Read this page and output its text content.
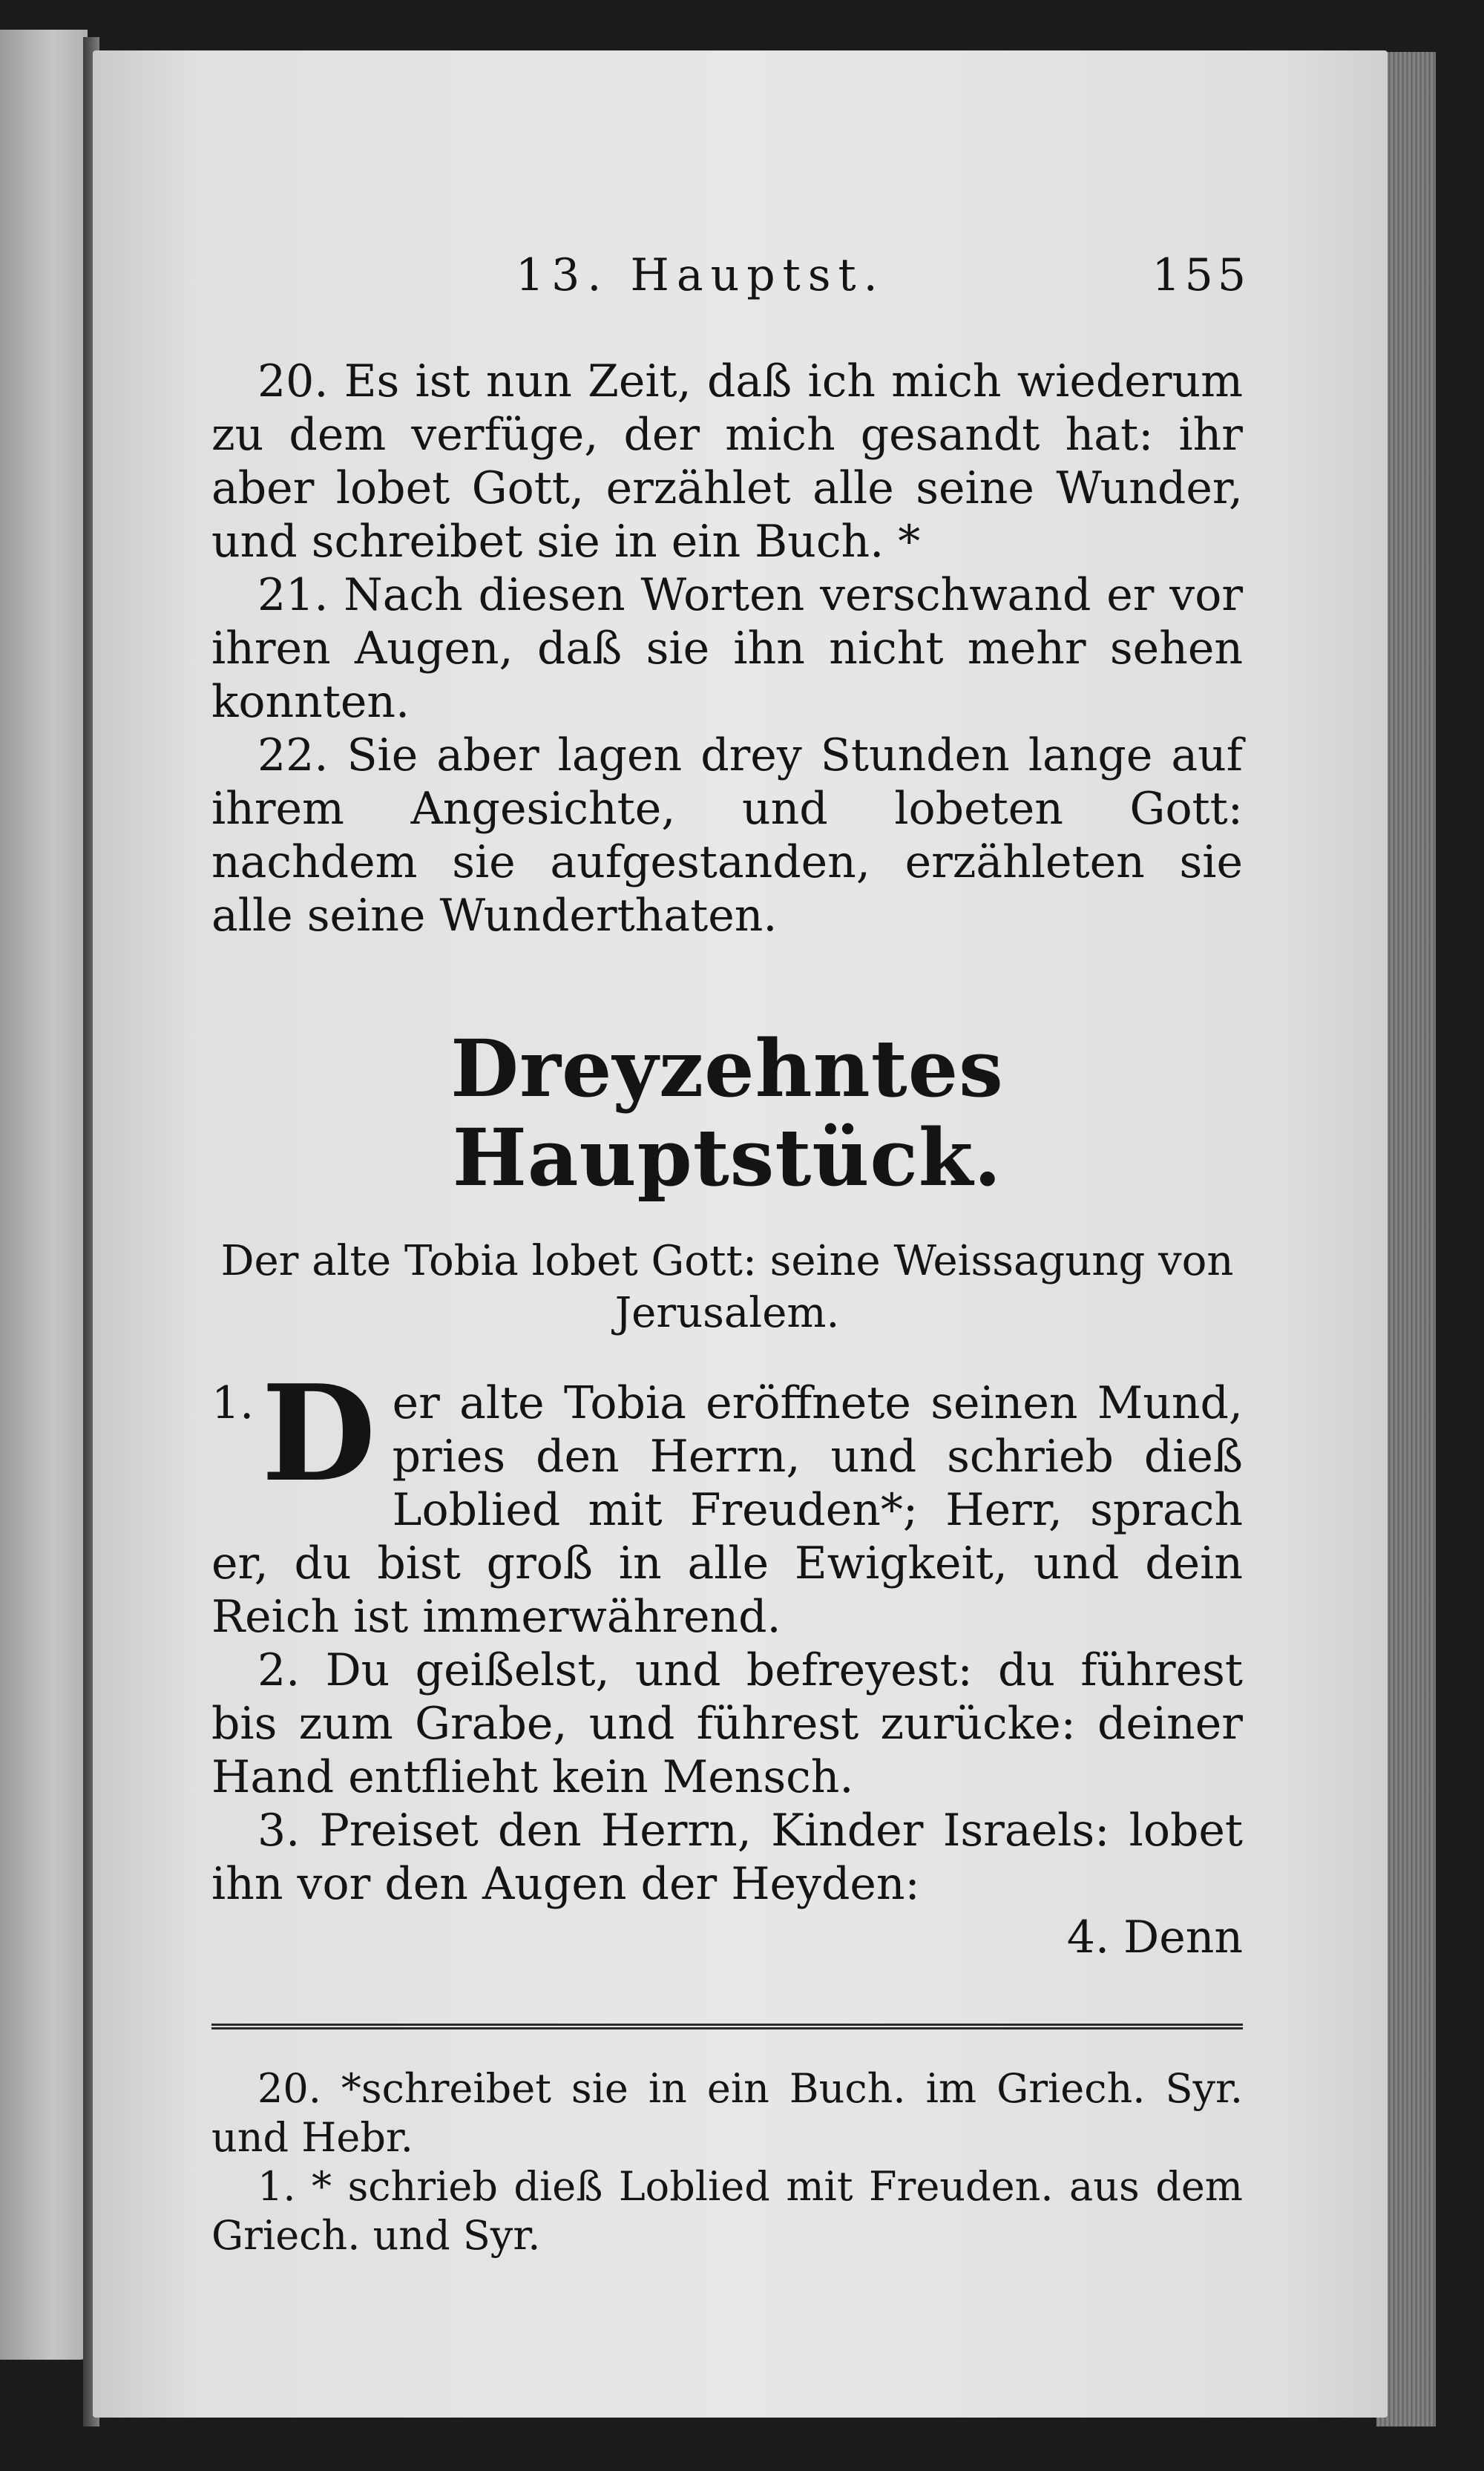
13. Hauptst.	155

20. Es ist nun Zeit, daß ich mich wiederum zu dem verfüge, der mich gesandt hat: ihr aber lobet Gott, erzählet alle seine Wunder, und schreibet sie in ein Buch. *

21. Nach diesen Worten verschwand er vor ihren Augen, daß sie ihn nicht mehr sehen konnten.

22. Sie aber lagen drey Stunden lange auf ihrem Angesichte, und lobeten Gott: nachdem sie aufgestanden, erzähleten sie alle seine Wunderthaten.

Dreyzehntes Hauptstück.
Der alte Tobia lobet Gott: seine Weissagung von Jerusalem.

1. D er alte Tobia eröffnete seinen Mund, pries den Herrn, und schrieb dieß Loblied mit Freuden*; Herr, sprach er, du bist groß in alle Ewigkeit, und dein Reich ist immerwährend.

2. Du geißelst, und befreyest: du führest bis zum Grabe, und führest zurücke: deiner Hand entflieht kein Mensch.

3. Preiset den Herrn, Kinder Israels: lobet ihn vor den Augen der Heyden:

4. Denn

20. *schreibet sie in ein Buch. im Griech. Syr. und Hebr.

1. * schrieb dieß Loblied mit Freuden. aus dem Griech. und Syr.
